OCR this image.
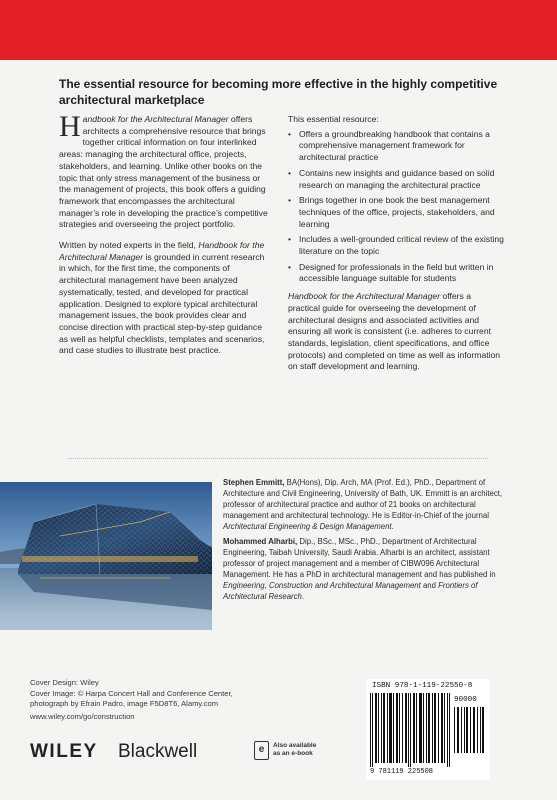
The essential resource for becoming more effective in the highly competitive architectural marketplace

Handbook for the Architectural Manager offers architects a comprehensive resource that brings together critical information on four interlinked areas: managing the architectural office, projects, stakeholders, and learning. Unlike other books on the topic that only stress management of the business or the management of projects, this book offers a guiding framework that encompasses the architectural manager’s role in developing the practice’s competitive strategies and overseeing the project portfolio.

Written by noted experts in the field, Handbook for the Architectural Manager is grounded in current research in which, for the first time, the components of architectural management have been analyzed systematically, tested, and developed for practical application. Designed to explore typical architectural management issues, the book provides clear and concise direction with practical step-by-step guidance as well as helpful checklists, templates and scenarios, and case studies to illustrate best practice.

This essential resource:
• Offers a groundbreaking handbook that contains a comprehensive management framework for architectural practice
• Contains new insights and guidance based on solid research on managing the architectural practice
• Brings together in one book the best management techniques of the office, projects, stakeholders, and learning
• Includes a well-grounded critical review of the existing literature on the topic
• Designed for professionals in the field but written in accessible language suitable for students

Handbook for the Architectural Manager offers a practical guide for overseeing the development of architectural designs and associated activities and ensuring all work is consistent (i.e. adheres to current standards, legislation, client specifications, and office protocols) and completed on time as well as information on staff development and learning.

Stephen Emmitt, BA(Hons), Dip. Arch, MA (Prof. Ed.), PhD., Department of Architecture and Civil Engineering, University of Bath, UK. Emmitt is an architect, professor of architectural practice and author of 21 books on architectural management and architectural technology. He is Editor-in-Chief of the journal Architectural Engineering & Design Management.

Mohammed Alharbi, Dip., BSc., MSc., PhD., Department of Architectural Engineering, Taibah University, Saudi Arabia. Alharbi is an architect, assistant professor of project management and a member of CIBW096 Architectural Management. He has a PhD in architectural management and has published in Engineering, Construction and Architectural Management and Frontiers of Architectural Research.

Cover Design: Wiley
Cover Image: © Harpa Concert Hall and Conference Center, photograph by Efrain Padro, image F5D8T6, Alamy.com
www.wiley.com/go/construction
WILEY Blackwell	e	Also available
as an e-book
ISBN 978-1-119-22550-8
90000
9 781119 225508
